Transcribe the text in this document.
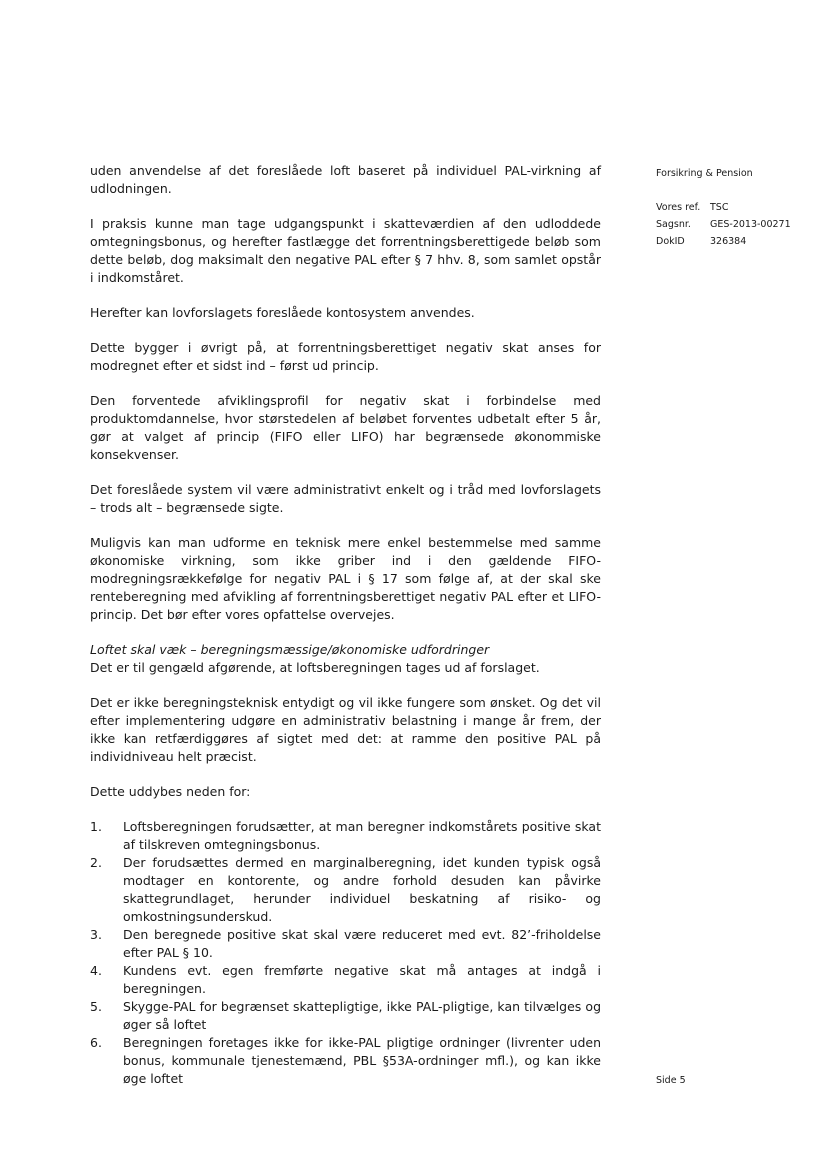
uden anvendelse af det foreslåede loft baseret på individuel PAL-virkning af udlodningen.

I praksis kunne man tage udgangspunkt i skatteværdien af den udloddede omtegningsbonus, og herefter fastlægge det forrentningsberettigede beløb som dette beløb, dog maksimalt den negative PAL efter § 7 hhv. 8, som samlet opstår i indkomståret.

Herefter kan lovforslagets foreslåede kontosystem anvendes.

Dette bygger i øvrigt på, at forrentningsberettiget negativ skat anses for modregnet efter et sidst ind – først ud princip.

Den forventede afviklingsprofil for negativ skat i forbindelse med produktomdannelse, hvor størstedelen af beløbet forventes udbetalt efter 5 år, gør at valget af princip (FIFO eller LIFO) har begrænsede økonommiske konsekvenser.

Det foreslåede system vil være administrativt enkelt og i tråd med lovforslagets – trods alt – begrænsede sigte.

Muligvis kan man udforme en teknisk mere enkel bestemmelse med samme økonomiske virkning, som ikke griber ind i den gældende FIFO-modregningsrækkefølge for negativ PAL i § 17 som følge af, at der skal ske renteberegning med afvikling af forrentningsberettiget negativ PAL efter et LIFO-princip. Det bør efter vores opfattelse overvejes.

Loftet skal væk – beregningsmæssige/økonomiske udfordringer

Det er til gengæld afgørende, at loftsberegningen tages ud af forslaget.

Det er ikke beregningsteknisk entydigt og vil ikke fungere som ønsket. Og det vil efter implementering udgøre en administrativ belastning i mange år frem, der ikke kan retfærdiggøres af sigtet med det: at ramme den positive PAL på individniveau helt præcist.

Dette uddybes neden for:

1. Loftsberegningen forudsætter, at man beregner indkomstårets positive skat af tilskreven omtegningsbonus.
2. Der forudsættes dermed en marginalberegning, idet kunden typisk også modtager en kontorente, og andre forhold desuden kan påvirke skattegrundlaget, herunder individuel beskatning af risiko- og omkostningsunderskud.
3. Den beregnede positive skat skal være reduceret med evt. 82’-friholdelse efter PAL § 10.
4. Kundens evt. egen fremførte negative skat må antages at indgå i beregningen.
5. Skygge-PAL for begrænset skattepligtige, ikke PAL-pligtige, kan tilvælges og øger så loftet
6. Beregningen foretages ikke for ikke-PAL pligtige ordninger (livrenter uden bonus, kommunale tjenestemænd, PBL §53A-ordninger mfl.), og kan ikke øge loftet
Forsikring & Pension
Vores ref.	TSC
Sagsnr.	GES-2013-00271
DokID	326384
Side 5
